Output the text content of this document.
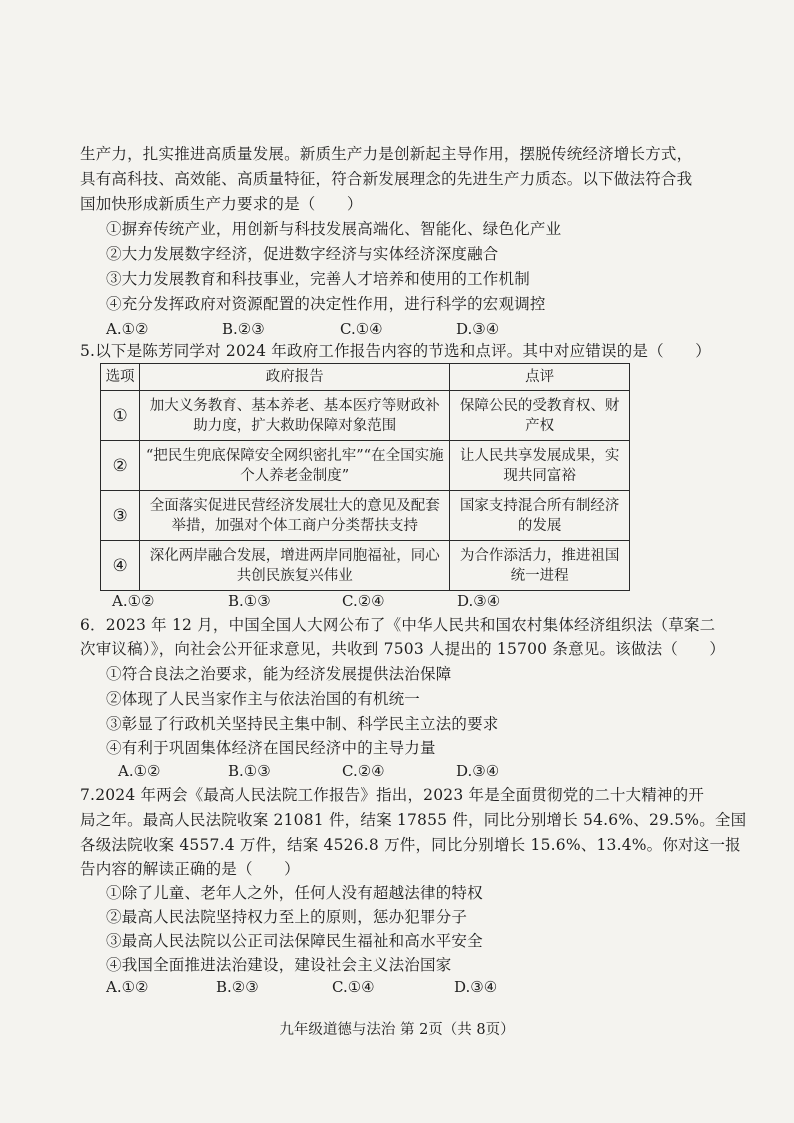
生产力，扎实推进高质量发展。新质生产力是创新起主导作用，摆脱传统经济增长方式，
具有高科技、高效能、高质量特征，符合新发展理念的先进生产力质态。以下做法符合我
国加快形成新质生产力要求的是（　　）
①摒弃传统产业，用创新与科技发展高端化、智能化、绿色化产业
②大力发展数字经济，促进数字经济与实体经济深度融合
③大力发展教育和科技事业，完善人才培养和使用的工作机制
④充分发挥政府对资源配置的决定性作用，进行科学的宏观调控
A.①②	B.②③	C.①④	D.③④
5.以下是陈芳同学对 2024 年政府工作报告内容的节选和点评。其中对应错误的是（　　）
选项	政府报告	点评
①	加大义务教育、基本养老、基本医疗等财政补助力度，扩大救助保障对象范围	保障公民的受教育权、财产权
②	“把民生兜底保障安全网织密扎牢”“在全国实施个人养老金制度”	让人民共享发展成果，实现共同富裕
③	全面落实促进民营经济发展壮大的意见及配套举措，加强对个体工商户分类帮扶支持	国家支持混合所有制经济的发展
④	深化两岸融合发展，增进两岸同胞福祉，同心共创民族复兴伟业	为合作添活力，推进祖国统一进程
A.①②	B.①③	C.②④	D.③④
6．2023 年 12 月，中国全国人大网公布了《中华人民共和国农村集体经济组织法（草案二
次审议稿）》，向社会公开征求意见，共收到 7503 人提出的 15700 条意见。该做法（　　）
①符合良法之治要求，能为经济发展提供法治保障
②体现了人民当家作主与依法治国的有机统一
③彰显了行政机关坚持民主集中制、科学民主立法的要求
④有利于巩固集体经济在国民经济中的主导力量
A.①②	B.①③	C.②④	D.③④
7.2024 年两会《最高人民法院工作报告》指出，2023 年是全面贯彻党的二十大精神的开
局之年。最高人民法院收案 21081 件，结案 17855 件，同比分别增长 54.6%、29.5%。全国
各级法院收案 4557.4 万件，结案 4526.8 万件，同比分别增长 15.6%、13.4%。你对这一报
告内容的解读正确的是（　　）
①除了儿童、老年人之外，任何人没有超越法律的特权
②最高人民法院坚持权力至上的原则，惩办犯罪分子
③最高人民法院以公正司法保障民生福祉和高水平安全
④我国全面推进法治建设，建设社会主义法治国家
A.①②	B.②③	C.①④	D.③④
九年级道德与法治 第 2页（共 8页）
